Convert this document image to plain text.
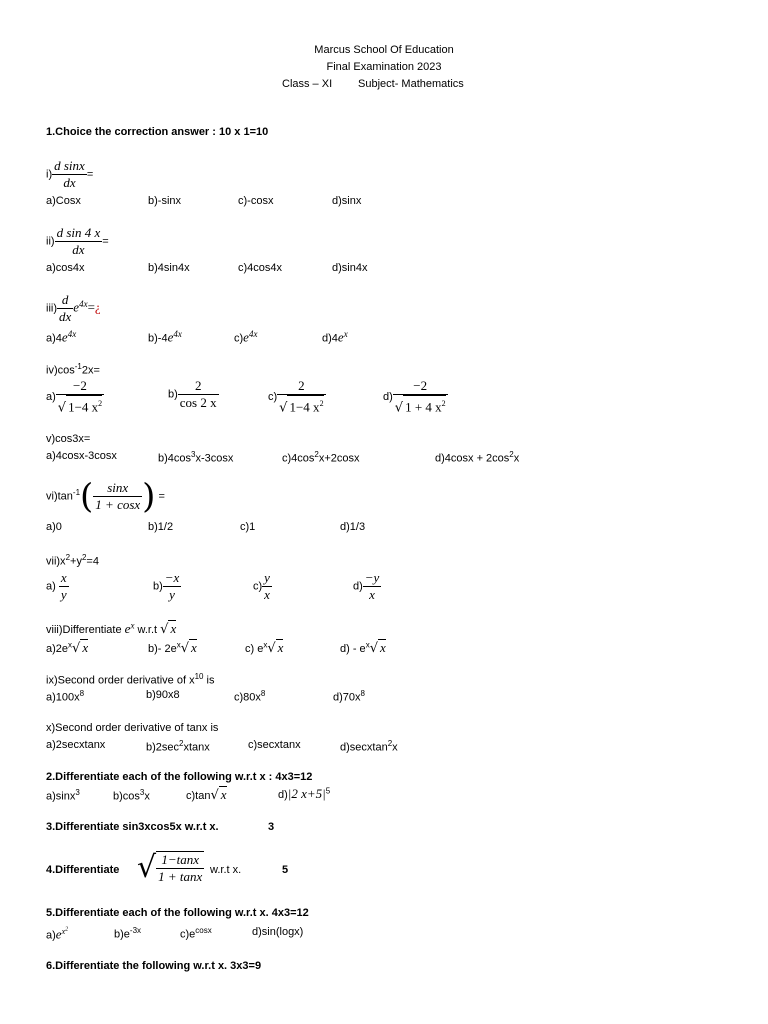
Marcus School Of Education
Final Examination 2023
Class – XI Subject- Mathematics
1.Choice the correction answer : 10 x 1=10
$i) \frac{\text{d sinx}}{dx}$ =
a)Cosx	b)-sinx	c)-cosx	d)sinx
$ii) \frac{\text{d sin 4 x}}{dx}$ =
a)cos4x	b)4sin4x	c)4cos4x	d)sin4x
$iii) \frac{d}{dx}$ $e^{4x}=¿$
$a)4e^{4x}$	$b)-4e^{4x}$	$c)e^{4x}$	$d)4e^x$
$iv)\cos^{-1}2x=$
$a) \frac{-2}{√ 1-4 x^2}$	$b) \frac{2}{\cos 2 x}$	$c) \frac{2}{√ 1-4 x^2}$	$d) \frac{-2}{√ 1 + 4 x^2}$
v)cos3x=
a)4cosx-3cosx	$b)4\cos^3x-3\cos x$	$c)4\cos^2x+2\cos x$	$d)4\cos x + 2\cos^2x$
$vi)\tan^{-1}( \frac{\sin x}{1 + \cos x}$ ) =
a)0	b)1/2	c)1	d)1/3
$vii)x^2+y^2=4$
$a) \frac{x}{y}$	$b) \frac{-x}{y}$	$c) \frac{y}{x}$	$d) \frac{-y}{x}$
viii)Differentiate $e^x$ w.r.t √ x
$a)2e^x√$ x	b)- $2e^x√$ x	c) $e^x√$ x	$d) - e^x√$ x
ix)Second order derivative of $x^{10}$ is
$a)100x^8$	b)90x8	$c)80x^8$	$d)70x^8$
x)Second order derivative of tanx is
a)2secxtanx	$b)2\sec^2xtanx$	c)secxtanx	d)secxtan$^2$x
2.Differentiate each of the following w.r.t x : 4x3=12
a)sinx$^3$	$b)\cos^3x$	c)tan√ x	d)|2 $x+5|^5$
3.Differentiate sin3xcos5x w.r.t x.	3
4.Differentiate √ $\frac{1-\tan x}{1 + \tan x} w.r.t$ x.	5
5.Differentiate each of the following w.r.t x. 4x3=12
$a)e^{x^2}$	$b)e^{-3x}$	$c)e^{cosx}$	d)sin(logx)
6.Differentiate the following w.r.t x. 3x3=9
